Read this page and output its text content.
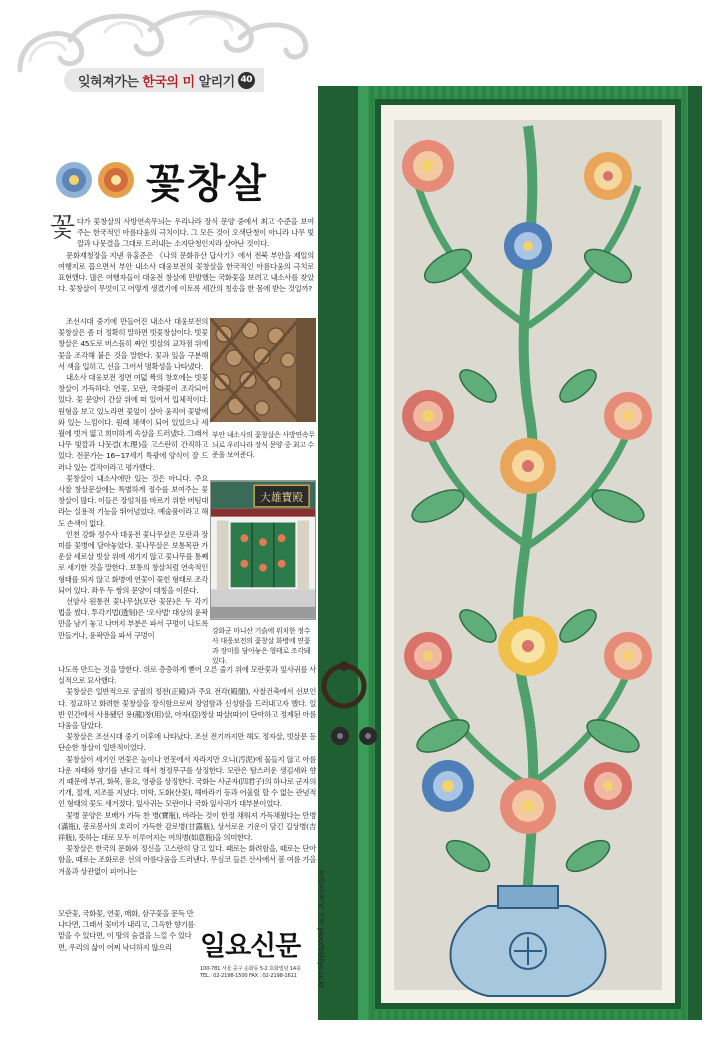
잊혀져가는 한국의 미 알리기 40
꽃창살
꽃 다가 꽃창살의 사방연속무늬는 우리나라 장식 문양 중에서 최고 수준을 보여주는 한국적인 아름다움의 극치이다. 그 모든 것이 오색단청이 아니라 나무 빛깔과 나뭇결을 그대로 드러내는 소지단청인지라 살아난 것이다.

문화재청장을 지낸 유홍준은 《나의 문화유산 답사기》에서 전북 부안을 제일의 여행지로 꼽으면서 부안 내소사 대웅보전의 꽃창살을 한국적인 아름다움의 극치로 표현했다. 많은 여행자들이 대웅전 창살에 만발했는 국화꽃을 보려고 내소사를 찾았다. 꽃창살이 무엇이고 어떻게 생겼기에 이토록 세간의 칭송을 한 몸에 받는 것일까?

조선시대 중기에 만들어진 내소사 대웅보전의 꽃창살은 좀 더 정확히 말하면 빗꽃창살이다. 빗꽃창살은 45도로 비스듬히 짜인 빗살의 교차점 위에 꽃을 조각해 붙은 것을 말한다. 꽃과 잎을 구분해서 색을 입히고, 선을 그어서 명확성을 나타냈다.

내소사 대웅보전 정면 여덟 짝의 창호에는 빗꽃창살이 가득하다. 연꽃, 모란, 국화꽃이 조각되어 있다. 꽃 문양이 간살 위에 떠 있어서 입체적이다. 원형을 보고 있노라면 꽃잎이 살아 움직여 꽃밭에 와 있는 느낌이다. 원래 채색이 되어 있었으나 세월에 벗겨 엷고 희미하게 속살을 드러냈다. 그래서 나무 빛깔과 나뭇결(木理)을 고스란히 간직하고 있다. 전문가는 16~17세기 특광에 양식이 잘 드러나 있는 걸작이라고 평가했다.

꽃창살이 내소사에만 있는 것은 아니다. 주요 사찰 창살문살에는 특별하게 정수를 보여주는 꽃창살이 많다. 이들은 장엄치를 바르기 위한 버팀대라는 실용적 기능을 뛰어넘었다. 예술품이라고 해도 손색이 없다.

인천 강화 정수사 대웅전 꽃나무살은 모란과 장미를 꽃병에 담아놓았다. 꽃나무살은 보통목판 가운살 세로살 빗살 위에 새기지 않고 꽃나무를 통째로 새기한 것을 말한다. 보통의 창살처럼 연속적인 형태를 띄지 않고 화병에 연꽃이 꽂힌 형태로 조각되어 있다. 좌우 두 쌍의 문양이 대칭을 이룬다.

선암사 원통전 꽃나무살(모란 꽃문)은 두 각기법을 썼다. 투각기법(透刻)은 '오사법' 대상의 윤곽만을 남기 놓고 나머지 부분은 파서 구멍이 나도록 만들거나, 윤곽만을 파서 구멍이

부안 내소사의 꽃창살은 사방연속무늬로 우리나라 장식 문양 중 최고 수준을 보여준다.
大雄寶殿
강화군 마니산 기슭에 위치한 정수사 대웅보전의 꽃창살 화병에 연꽃과 장미를 담아놓은 형태로 조각돼 있다.

나도록 만드는 것을 말한다. 위로 층층하게 뻗어 오른 줄기 위에 모란꽃과 잎사귀를 사실적으로 묘사했다.

꽃창살은 일반적으로 궁궐의 정전(正殿)과 주요 전각(殿閣), 사찰건축에서 선보인다. 정교하고 화려한 꽃창살을 장식함으로써 장엄함과 신성함을 드러내고자 했다. 일반 민간에서 사용됐던 용(龍)창(用)살, 아자(亞)창살 따살(따)이 단아하고 정제된 아름다움을 담았다.

꽃창살은 조선시대 중기 이후에 나타났다. 조선 전기까지만 해도 정자살, 빗살문 등 단순한 창살이 일반적이었다.

꽃창살이 세기인 연꽃은 높이나 연못에서 자라지만 오니(汚泥)에 물들지 않고 아름다운 자태와 향기를 낸다고 해서 청정무구를 상징한다. 모란은 탐스러운 생김새와 향기 때문에 부귀, 화목, 풍요, 영광을 상징한다. 국화는 사군자(四君子)의 하나로 군자의 기개, 절개, 지조를 지녔다. 미학, 도화(산꽃), 해바라기 등과 어울릴 할 수 없는 관념적인 형태의 꽃도 새겨졌다. 잎사귀는 모란이나 국화 잎사귀가 대부분이었다.

꽃병 문양은 보배가 가득 찬 병(寶瓶), 바라는 것이 한정 채워져 가득채웠다는 만병(滿瓶), 봉로봉사의 호리이 가득한 감로병(甘露瓶), 상서로운 기운이 담긴 길상병(吉祥瓶), 뜻하는 대로 모두 이루어지는 여의병(如意瓶)을 의미한다.

꽃창살은 한국의 문화와 정신을 고스란히 담고 있다. 때로는 화려함을, 때로는 단아함을, 때로는 조화로운 선의 아름다움을 드러낸다. 무심코 들른 산사에서 봄 여름 가을 겨울과 상관없이 피어나는

모란꽃, 국화꽃, 연꽃, 매화, 삼구꽃을 문득 만나다면, 그래서 꽃비가 내리고, 그윽한 향기를 맡을 수 있다면, 이 땅의 숨결을 느낄 수 있다면, 우리의 삶이 어찌 낙녀하지 않으리	정리=김기억 기자 ykoo00@ilyo.co.kr
일요신문
100-781 서울 중구 순화동 5-2 호화빌딩 14층
TEL : 02-2198-1500 FAX : 02-2198-1611
